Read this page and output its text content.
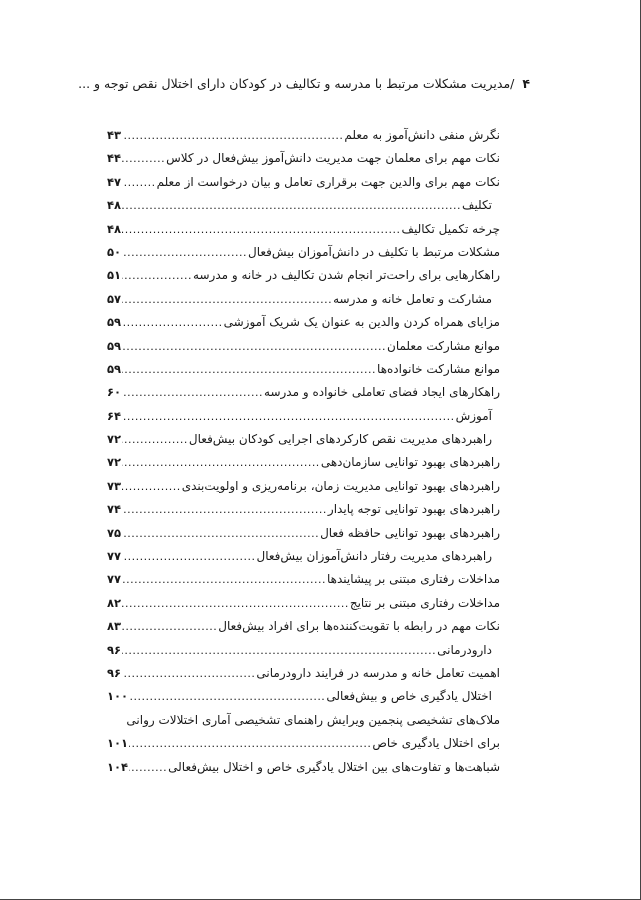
۴ /مدیریت مشکلات مرتبط با مدرسه و تکالیف در کودکان دارای اختلال نقص توجه و ...
نگرش منفی دانش‌آموز به معلم
.....
۴۳
نکات مهم برای معلمان جهت مدیریت دانش‌آموز بیش‌فعال در کلاس
.....
۴۴
نکات مهم برای والدین جهت برقراری تعامل و بیان درخواست از معلم
.....
۴۷
تکلیف
.....
۴۸
چرخه تکمیل تکالیف
.....
۴۸
مشکلات مرتبط با تکلیف در دانش‌آموزان بیش‌فعال
.....
۵۰
راهکارهایی برای راحت‌تر انجام شدن تکالیف در خانه و مدرسه
.....
۵۱
مشارکت و تعامل خانه و مدرسه
.....
۵۷
مزایای همراه کردن والدین به عنوان یک شریک آموزشی
.....
۵۹
موانع مشارکت معلمان
.....
۵۹
موانع مشارکت خانواده‌ها
.....
۵۹
راهکارهای ایجاد فضای تعاملی خانواده و مدرسه
.....
۶۰
آموزش
.....
۶۴
راهبردهای مدیریت نقص کارکردهای اجرایی کودکان بیش‌فعال
.....
۷۲
راهبردهای بهبود توانایی سازمان‌دهی
.....
۷۲
راهبردهای بهبود توانایی مدیریت زمان، برنامه‌ریزی و اولویت‌بندی
.....
۷۳
راهبردهای بهبود توانایی توجه پایدار
.....
۷۴
راهبردهای بهبود توانایی حافظه فعال
.....
۷۵
راهبردهای مدیریت رفتار دانش‌آموزان بیش‌فعال
.....
۷۷
مداخلات رفتاری مبتنی بر پیشایندها
.....
۷۷
مداخلات رفتاری مبتنی بر نتایج
.....
۸۲
نکات مهم در رابطه با تقویت‌کننده‌ها برای افراد بیش‌فعال
.....
۸۳
دارودرمانی
.....
۹۶
اهمیت تعامل خانه و مدرسه در فرایند دارودرمانی
.....
۹۶
اختلال یادگیری خاص و بیش‌فعالی
.....
۱۰۰
ملاک‌های تشخیصی پنجمین ویرایش راهنمای تشخیصی آماری اختلالات روانی
برای اختلال یادگیری خاص
.....
۱۰۱
شباهت‌ها و تفاوت‌های بین اختلال یادگیری خاص و اختلال بیش‌فعالی
.....
۱۰۴
